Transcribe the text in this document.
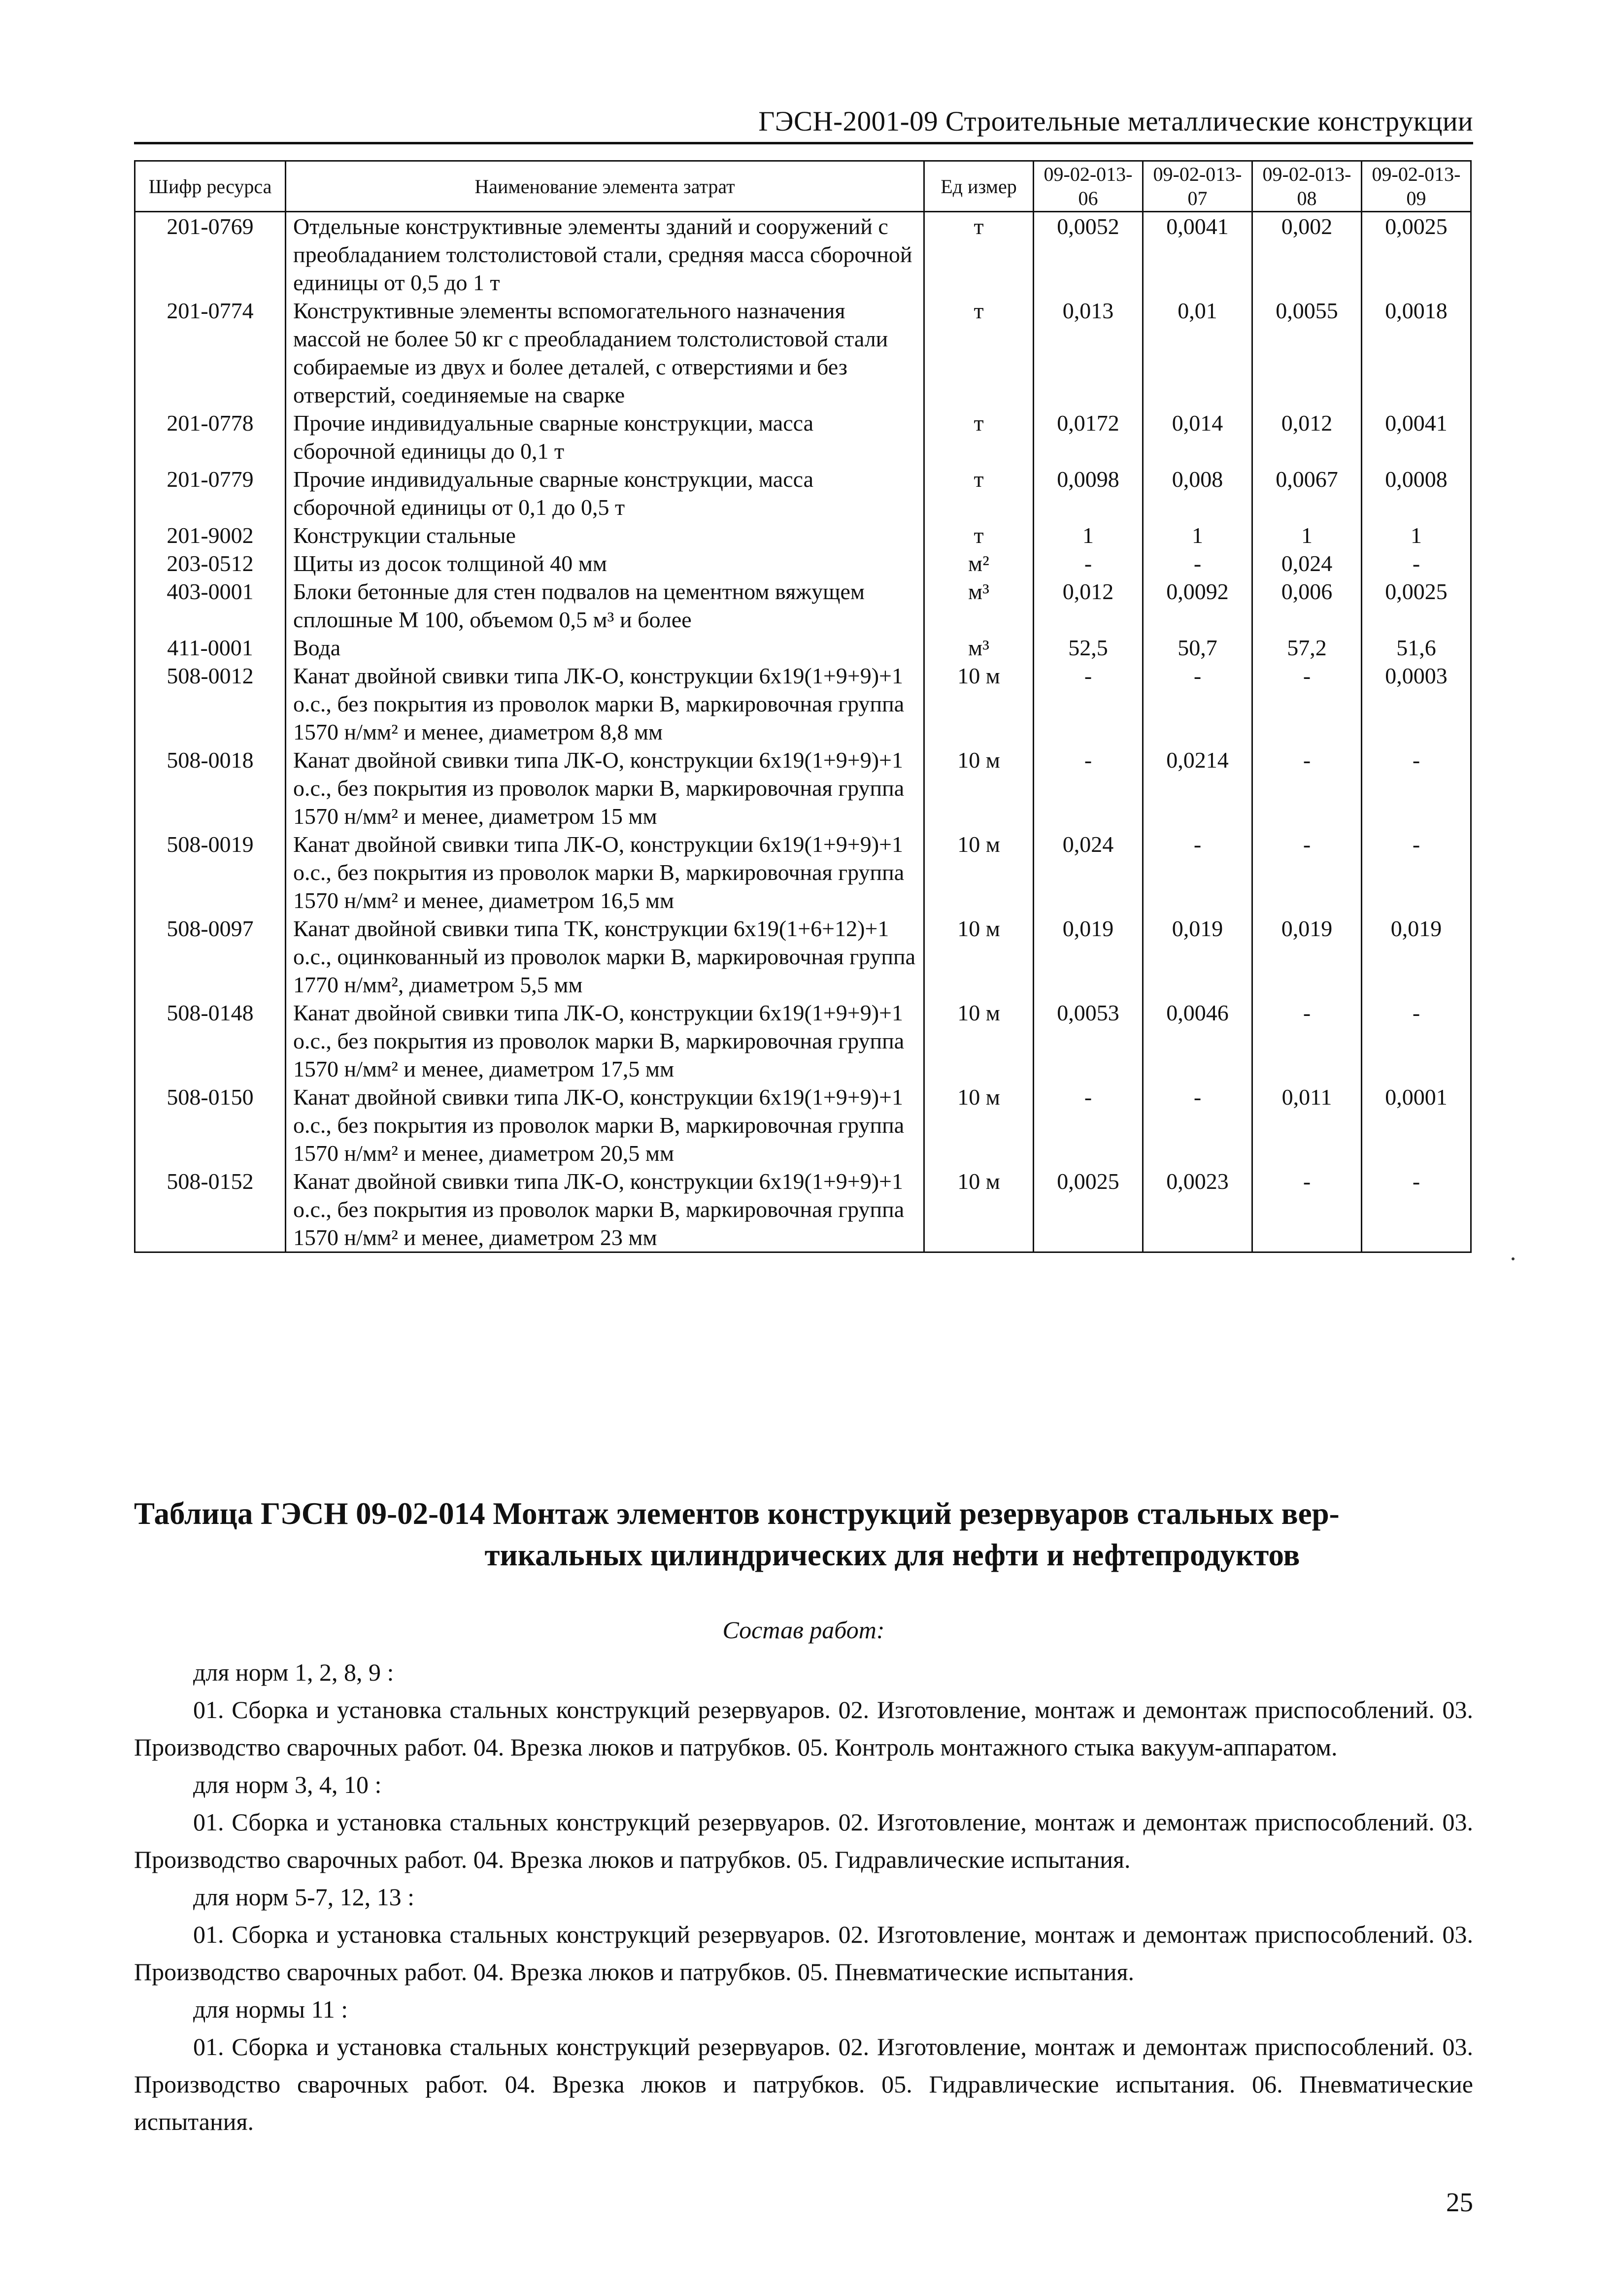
ГЭСН-2001-09 Строительные металлические конструкции
Шифр ресурса	Наименование элемента затрат	Ед измер	09-02-013-06	09-02-013-07	09-02-013-08	09-02-013-09
201-0769	Отдельные конструктивные элементы зданий и сооружений с преобладанием толстолистовой стали, средняя масса сборочной единицы от 0,5 до 1 т	т	0,0052	0,0041	0,002	0,0025
201-0774	Конструктивные элементы вспомогательного назначения массой не более 50 кг с преобладанием толстолистовой стали собираемые из двух и более деталей, с отверстиями и без отверстий, соединяемые на сварке	т	0,013	0,01	0,0055	0,0018
201-0778	Прочие индивидуальные сварные конструкции, масса сборочной единицы до 0,1 т	т	0,0172	0,014	0,012	0,0041
201-0779	Прочие индивидуальные сварные конструкции, масса сборочной единицы от 0,1 до 0,5 т	т	0,0098	0,008	0,0067	0,0008
201-9002	Конструкции стальные	т	1	1	1	1
203-0512	Щиты из досок толщиной 40 мм	м²	-	-	0,024	-
403-0001	Блоки бетонные для стен подвалов на цементном вяжущем сплошные М 100, объемом 0,5 м³ и более	м³	0,012	0,0092	0,006	0,0025
411-0001	Вода	м³	52,5	50,7	57,2	51,6
508-0012	Канат двойной свивки типа ЛК-О, конструкции 6х19(1+9+9)+1 о.с., без покрытия из проволок марки В, маркировочная группа 1570 н/мм² и менее, диаметром 8,8 мм	10 м	-	-	-	0,0003
508-0018	Канат двойной свивки типа ЛК-О, конструкции 6х19(1+9+9)+1 о.с., без покрытия из проволок марки В, маркировочная группа 1570 н/мм² и менее, диаметром 15 мм	10 м	-	0,0214	-	-
508-0019	Канат двойной свивки типа ЛК-О, конструкции 6х19(1+9+9)+1 о.с., без покрытия из проволок марки В, маркировочная группа 1570 н/мм² и менее, диаметром 16,5 мм	10 м	0,024	-	-	-
508-0097	Канат двойной свивки типа ТК, конструкции 6х19(1+6+12)+1 о.с., оцинкованный из проволок марки В, маркировочная группа 1770 н/мм², диаметром 5,5 мм	10 м	0,019	0,019	0,019	0,019
508-0148	Канат двойной свивки типа ЛК-О, конструкции 6х19(1+9+9)+1 о.с., без покрытия из проволок марки В, маркировочная группа 1570 н/мм² и менее, диаметром 17,5 мм	10 м	0,0053	0,0046	-	-
508-0150	Канат двойной свивки типа ЛК-О, конструкции 6х19(1+9+9)+1 о.с., без покрытия из проволок марки В, маркировочная группа 1570 н/мм² и менее, диаметром 20,5 мм	10 м	-	-	0,011	0,0001
508-0152	Канат двойной свивки типа ЛК-О, конструкции 6х19(1+9+9)+1 о.с., без покрытия из проволок марки В, маркировочная группа 1570 н/мм² и менее, диаметром 23 мм	10 м	0,0025	0,0023	-	-
Таблица ГЭСН 09-02-014 Монтаж элементов конструкций резервуаров стальных вер-
тикальных цилиндрических для нефти и нефтепродуктов
Состав работ:
для норм 1, 2, 8, 9 :

01. Сборка и установка стальных конструкций резервуаров. 02. Изготовление, монтаж и демонтаж приспособлений. 03. Производство сварочных работ. 04. Врезка люков и патрубков. 05. Контроль монтажного стыка вакуум-аппаратом.

для норм 3, 4, 10 :

01. Сборка и установка стальных конструкций резервуаров. 02. Изготовление, монтаж и демонтаж приспособлений. 03. Производство сварочных работ. 04. Врезка люков и патрубков. 05. Гидравлические испытания.

для норм 5-7, 12, 13 :

01. Сборка и установка стальных конструкций резервуаров. 02. Изготовление, монтаж и демонтаж приспособлений. 03. Производство сварочных работ. 04. Врезка люков и патрубков. 05. Пневматические испытания.

для нормы 11 :

01. Сборка и установка стальных конструкций резервуаров. 02. Изготовление, монтаж и демонтаж приспособлений. 03. Производство сварочных работ. 04. Врезка люков и патрубков. 05. Гидравлические испытания. 06. Пневматические испытания.

25
